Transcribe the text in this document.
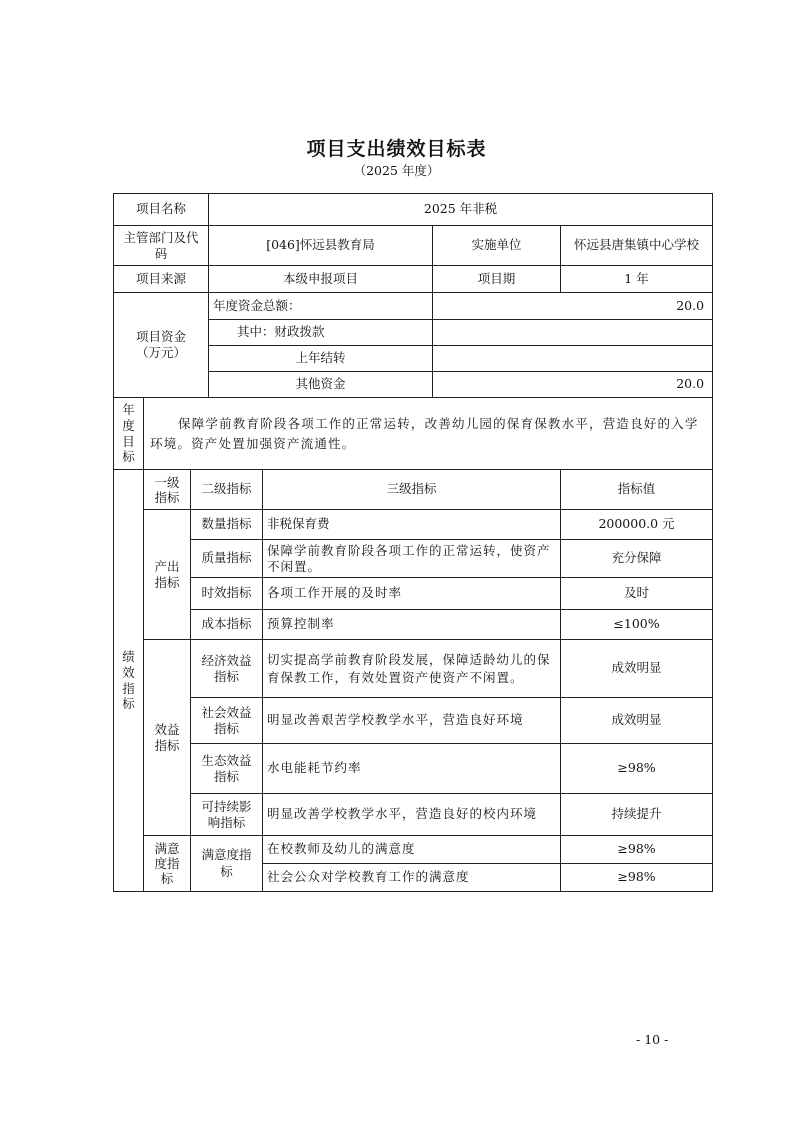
项目支出绩效目标表
（2025 年度）
项目名称			2025 年非税			
主管部门及代码			[046]怀远县教育局		实施单位	怀远县唐集镇中心学校
项目来源			本级申报项目		项目期	1 年
项目资金（万元）			年度资金总额：		20.0	
			其中：财政拨款			
			上年结转			
			其他资金		20.0	
年度目标	保障学前教育阶段各项工作的正常运转，改善幼儿园的保育保教水平，营造良好的入学环境。资产处置加强资产流通性。					
绩效指标	一级指标	二级指标		三级指标		指标值
	产出指标	数量指标		非税保育费		200000.0 元
		质量指标		保障学前教育阶段各项工作的正常运转，使资产不闲置。		充分保障
		时效指标		各项工作开展的及时率		及时
		成本指标		预算控制率		≤100%
	效益指标	经济效益指标		切实提高学前教育阶段发展，保障适龄幼儿的保育保教工作，有效处置资产使资产不闲置。		成效明显
		社会效益指标		明显改善艰苦学校教学水平，营造良好环境		成效明显
		生态效益指标		水电能耗节约率		≥98%
		可持续影响指标		明显改善学校教学水平，营造良好的校内环境		持续提升
	满意度指标	满意度指标		在校教师及幼儿的满意度		≥98%
				社会公众对学校教育工作的满意度		≥98%
- 10 -
